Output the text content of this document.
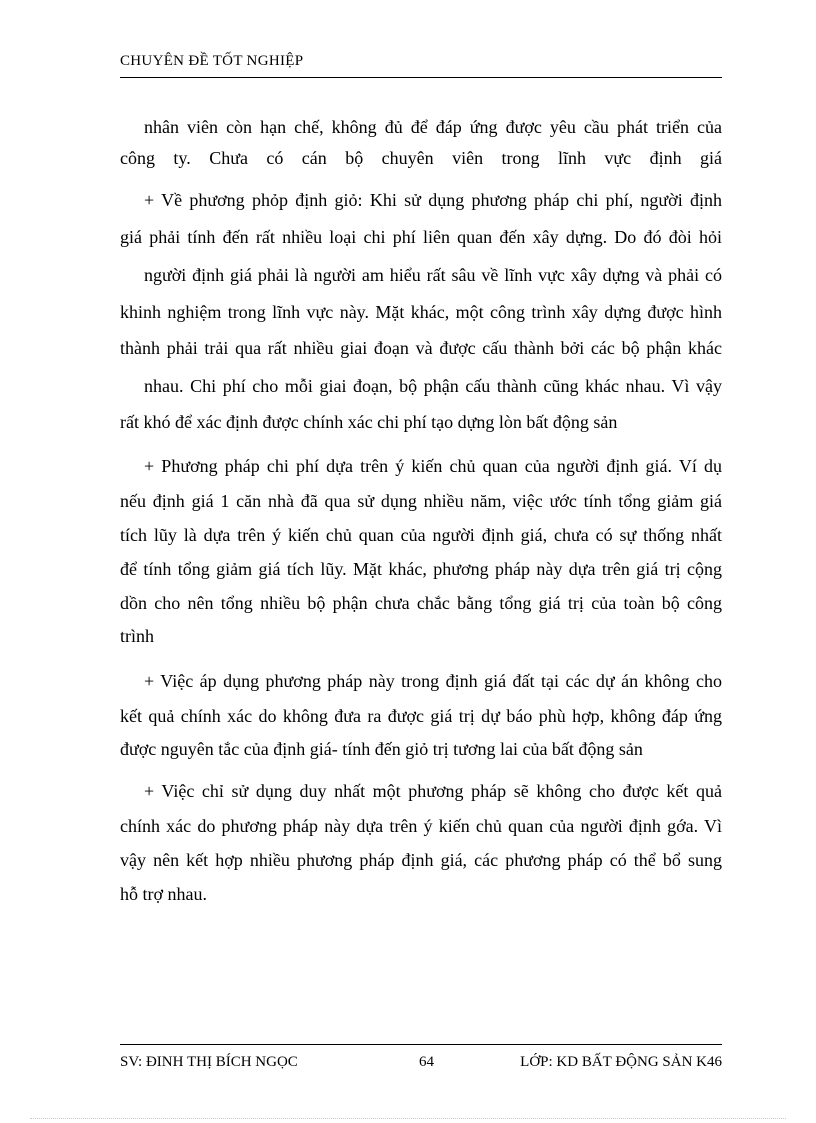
CHUYÊN ĐỀ TỐT NGHIỆP
nhân viên còn hạn chế, không đủ để đáp ứng được yêu cầu phát triển của
công ty. Chưa có cán bộ chuyên viên trong lĩnh vực định giá
+ Về phương phỏp định giỏ: Khi sử dụng phương pháp chi phí, người định
giá phải tính đến rất nhiều loại chi phí liên quan đến xây dựng. Do đó đòi hỏi
người định giá phải là người am hiểu rất sâu về lĩnh vực xây dựng và phải có
khinh nghiệm trong lĩnh vực này. Mặt khác, một công trình xây dựng được hình
thành phải trải qua rất nhiều giai đoạn và được cấu thành bởi các bộ phận khác
nhau. Chi phí cho mỗi giai đoạn, bộ phận cấu thành cũng khác nhau. Vì vậy
rất khó để xác định được chính xác chi phí tạo dựng lòn bất động sản
+ Phương pháp chi phí dựa trên ý kiến chủ quan của người định giá. Ví dụ
nếu định giá 1 căn nhà đã qua sử dụng nhiều năm, việc ước tính tổng giảm giá
tích lũy là dựa trên ý kiến chủ quan của người định giá, chưa có sự thống nhất
để tính tổng giảm giá tích lũy. Mặt khác, phương pháp này dựa trên giá trị cộng
dồn cho nên tổng nhiều bộ phận chưa chắc bằng tổng giá trị của toàn bộ công
trình
+ Việc áp dụng phương pháp này trong định giá đất tại các dự án không cho
kết quả chính xác do không đưa ra được giá trị dự báo phù hợp, không đáp ứng
được nguyên tắc của định giá- tính đến giỏ trị tương lai của bất động sản
+ Việc chỉ sử dụng duy nhất một phương pháp sẽ không cho được kết quả
chính xác do phương pháp này dựa trên ý kiến chủ quan của người định gớa. Vì
vậy nên kết hợp nhiều phương pháp định giá, các phương pháp có thể bổ sung
hỗ trợ nhau.
SV: ĐINH THỊ BÍCH NGỌC	64	LỚP: KD BẤT ĐỘNG SẢN K46
